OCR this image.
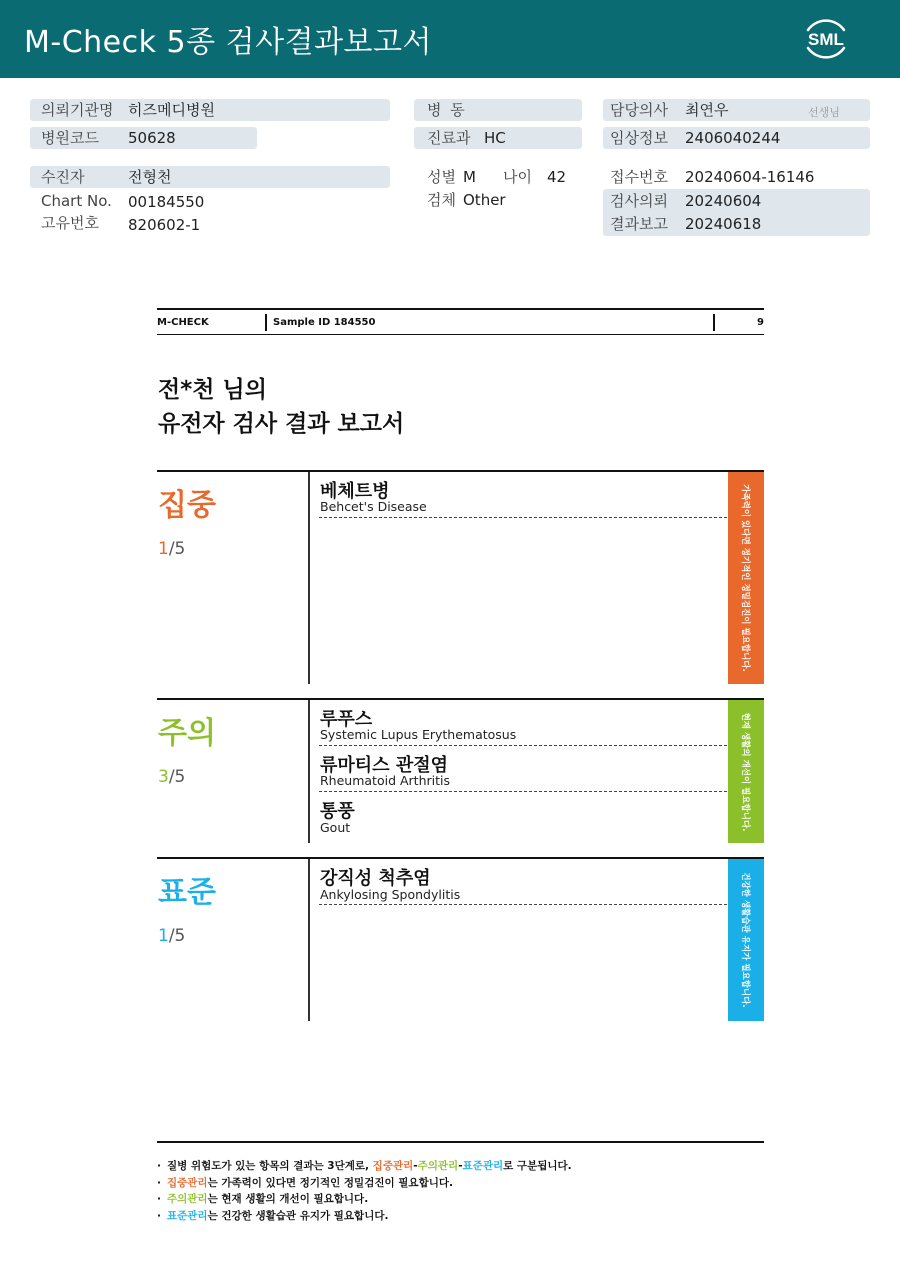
M-Check 5종 검사결과보고서	SML
의뢰기관명 히즈메디병원
병원코드 50628
병 동
진료과 HC
담당의사 최연우	선생님
임상정보 2406040244
수진자	전형천
Chart No. 00184550
고유번호 820602-1
성별 M 나이 42
검체 Other
접수번호 20240604-16146
검사의뢰 20240604
결과보고 20240618
M-CHECK	Sample ID 184550	9
전*천 님의
유전자 검사 결과 보고서
집중
1/5
베체트병
Behcet's Disease	가족력이 있다면 정기적인 정밀검진이 필요합니다.
주의
3/5
루푸스
Systemic Lupus Erythematosus
류마티스 관절염
Rheumatoid Arthritis
통풍
Gout	현재 생활의 개선이 필요합니다.
표준
1/5
강직성 척추염
Ankylosing Spondylitis	건강한 생활습관 유지가 필요합니다.
· 질병 위험도가 있는 항목의 결과는 3단계로, 집중관리-주의관리-표준관리로 구분됩니다.
· 집중관리는 가족력이 있다면 정기적인 정밀검진이 필요합니다.
· 주의관리는 현재 생활의 개선이 필요합니다.
· 표준관리는 건강한 생활습관 유지가 필요합니다.
